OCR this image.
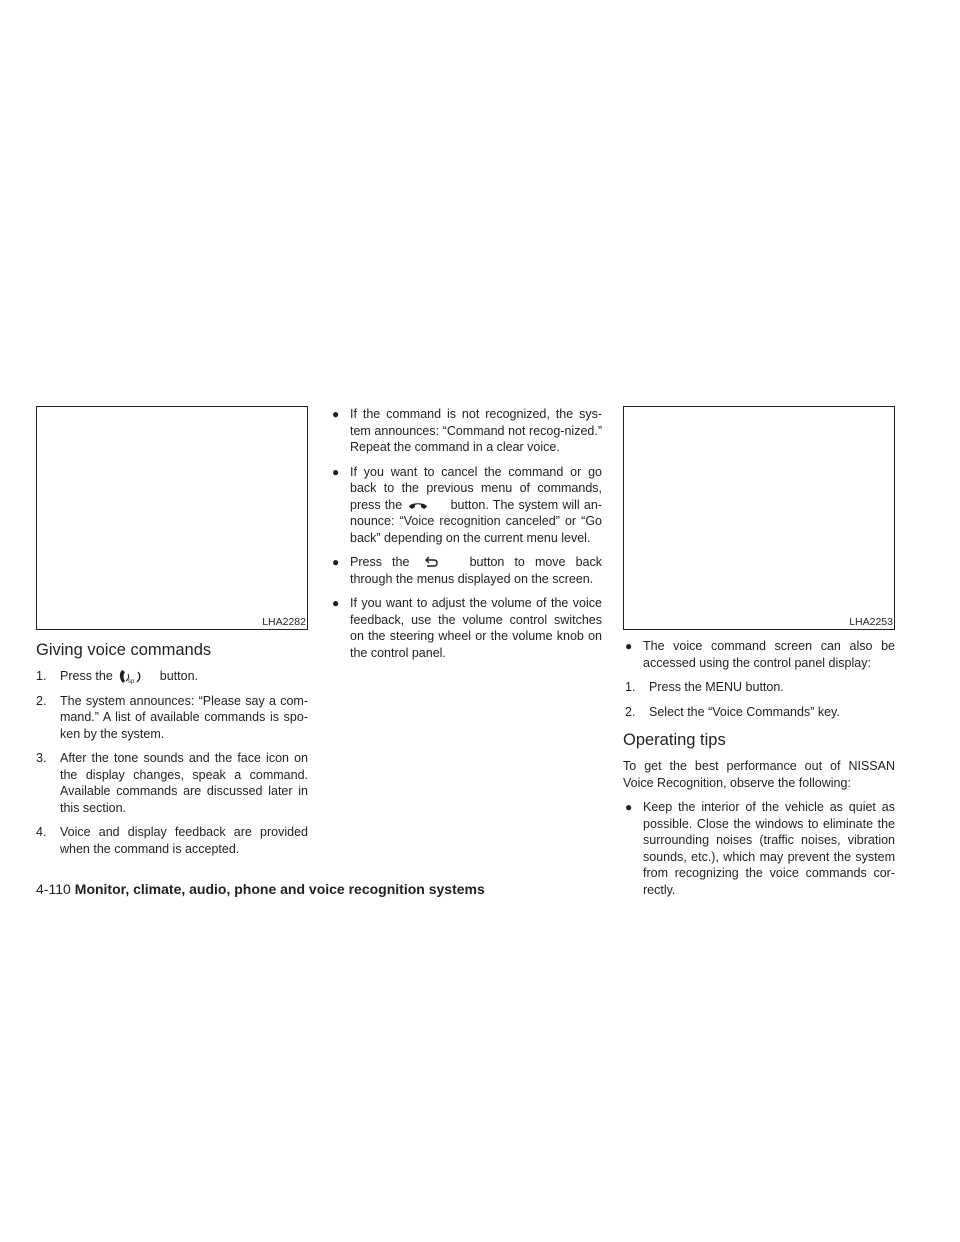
LHA2282
Giving voice commands
1. Press the	sp button.
2. The system announces: “Please say a com-mand.” A list of available commands is spo-ken by the system.
3. After the tone sounds and the face icon on the display changes, speak a command. Available commands are discussed later in this section.
4. Voice and display feedback are provided when the command is accepted.
● If the command is not recognized, the sys-tem announces: “Command not recog-nized.” Repeat the command in a clear voice.
● If you want to cancel the command or go back to the previous menu of commands, press the	button. The system will an-nounce: “Voice recognition canceled” or “Go back” depending on the current menu level.
● Press the	button to move back through the menus displayed on the screen.
● If you want to adjust the volume of the voice feedback, use the volume control switches on the steering wheel or the volume knob on the control panel.
LHA2253
● The voice command screen can also be accessed using the control panel display:
1. Press the MENU button.
2. Select the “Voice Commands” key.
Operating tips

To get the best performance out of NISSAN Voice Recognition, observe the following:

● Keep the interior of the vehicle as quiet as possible. Close the windows to eliminate the surrounding noises (traffic noises, vibration sounds, etc.), which may prevent the system from recognizing the voice commands cor-rectly.
4-110 Monitor, climate, audio, phone and voice recognition systems
